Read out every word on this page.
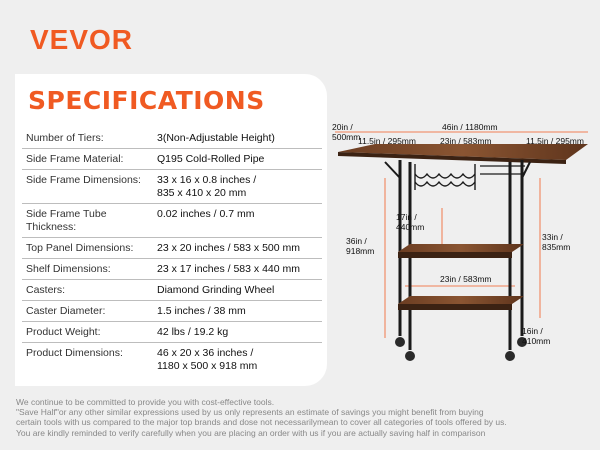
VEVOR
SPECIFICATIONS
Number of Tiers:	3(Non-Adjustable Height)
Side Frame Material:	Q195 Cold-Rolled Pipe
Side Frame Dimensions:	33 x 16 x 0.8 inches /
835 x 410 x 20 mm
Side Frame Tube Thickness:
0.02 inches / 0.7 mm
Top Panel Dimensions:	23 x 20 inches / 583 x 500 mm
Shelf Dimensions:	23 x 17 inches / 583 x 440 mm
Casters:	Diamond Grinding Wheel
Caster Diameter:	1.5 inches / 38 mm
Product Weight:	42 lbs / 19.2 kg
Product Dimensions:	46 x 20 x 36 inches /
1180 x 500 x 918 mm
20in /
500mm
46in / 1180mm
11.5in / 295mm	23in / 583mm	11.5in / 295mm
17in /
440mm
36in /
918mm
33in /
835mm
23in / 583mm
16in /
410mm

We continue to be committed to provide you with cost-effective tools.

"Save Half"or any other similar expressions used by us only represents an estimate of savings you might benefit from buying

certain tools with us compared to the major top brands and dose not necessarilymean to cover all categories of tools offered by us.

You are kindly reminded to verify carefully when you are placing an order with us if you are actually saving half in comparison
